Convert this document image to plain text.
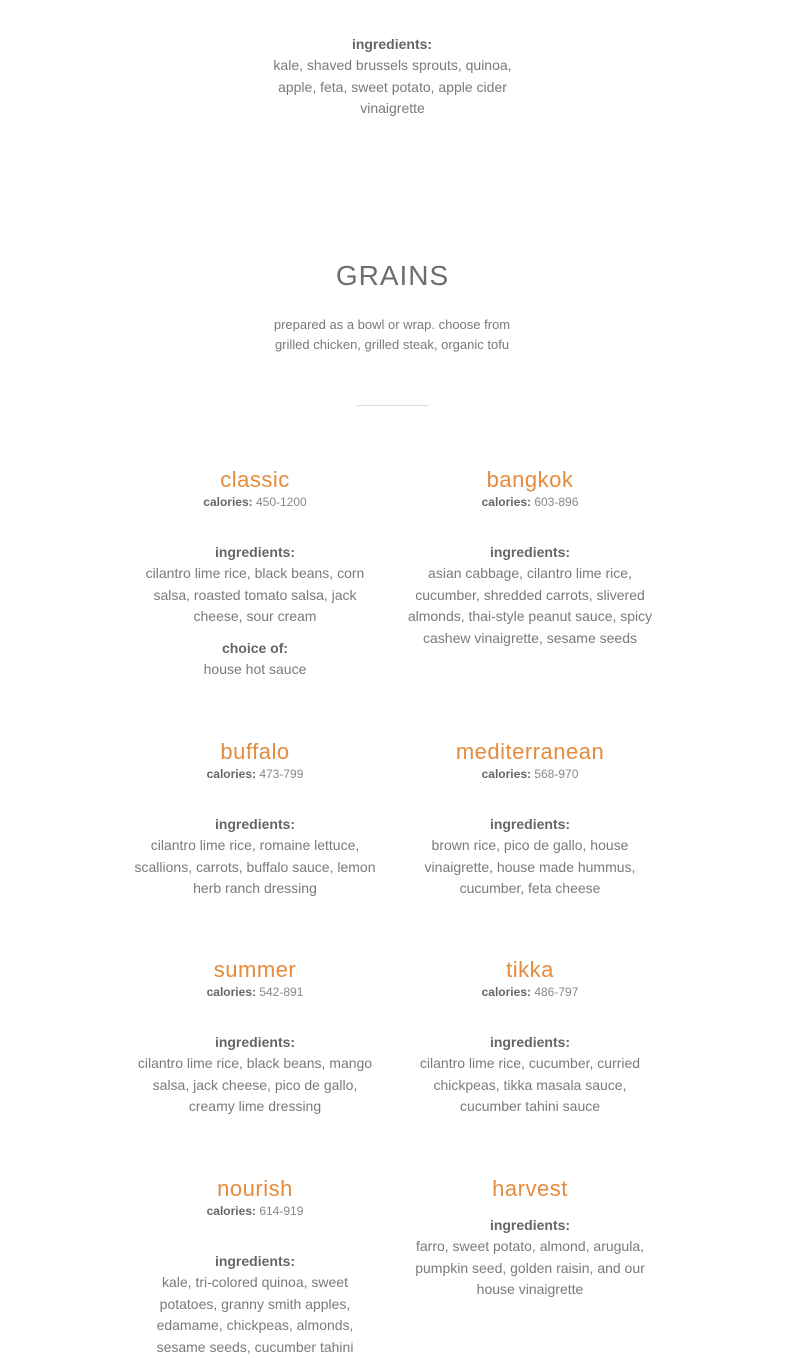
ingredients:
kale, shaved brussels sprouts, quinoa, apple, feta, sweet potato, apple cider vinaigrette
GRAINS
prepared as a bowl or wrap. choose from grilled chicken, grilled steak, organic tofu
classic
calories: 450-1200
ingredients:
cilantro lime rice, black beans, corn salsa, roasted tomato salsa, jack cheese, sour cream
choice of:
house hot sauce
bangkok
calories: 603-896
ingredients:
asian cabbage, cilantro lime rice, cucumber, shredded carrots, slivered almonds, thai-style peanut sauce, spicy cashew vinaigrette, sesame seeds
buffalo
calories: 473-799
ingredients:
cilantro lime rice, romaine lettuce, scallions, carrots, buffalo sauce, lemon herb ranch dressing
mediterranean
calories: 568-970
ingredients:
brown rice, pico de gallo, house vinaigrette, house made hummus, cucumber, feta cheese
summer
calories: 542-891
ingredients:
cilantro lime rice, black beans, mango salsa, jack cheese, pico de gallo, creamy lime dressing
tikka
calories: 486-797
ingredients:
cilantro lime rice, cucumber, curried chickpeas, tikka masala sauce, cucumber tahini sauce
nourish
calories: 614-919
ingredients:
kale, tri-colored quinoa, sweet potatoes, granny smith apples, edamame, chickpeas, almonds, sesame seeds, cucumber tahini
harvest
ingredients:
farro, sweet potato, almond, arugula, pumpkin seed, golden raisin, and our house vinaigrette
